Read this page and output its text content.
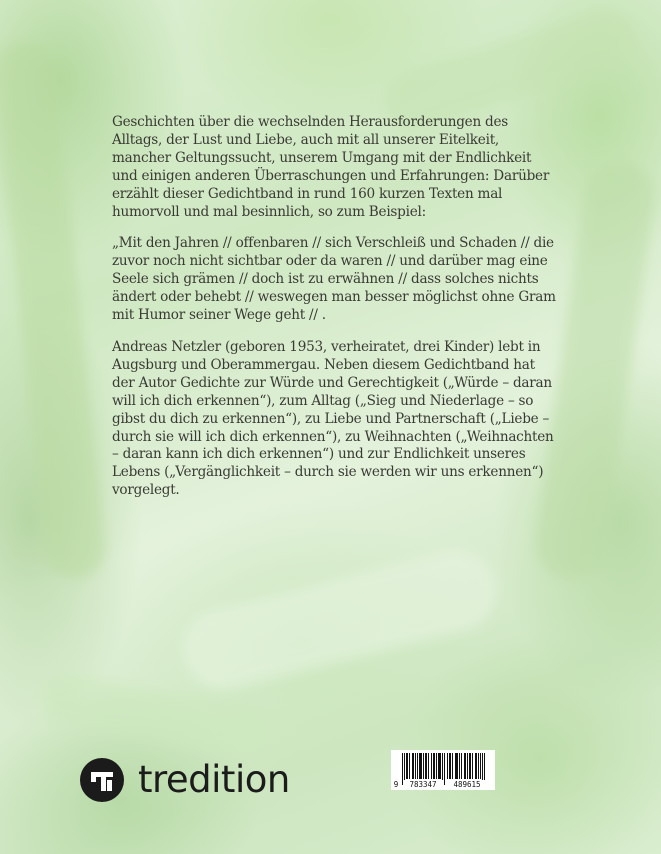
Geschichten über die wechselnden Herausforderungen des Alltags, der Lust und Liebe, auch mit all unserer Eitelkeit, mancher Geltungssucht, unserem Umgang mit der Endlichkeit und einigen anderen Überraschungen und Erfahrungen: Darüber erzählt dieser Gedichtband in rund 160 kurzen Texten mal humorvoll und mal besinnlich, so zum Beispiel:

„Mit den Jahren // offenbaren // sich Verschleiß und Schaden // die zuvor noch nicht sichtbar oder da waren // und darüber mag eine Seele sich grämen // doch ist zu erwähnen // dass solches nichts ändert oder behebt // weswegen man besser möglichst ohne Gram mit Humor seiner Wege geht // .

Andreas Netzler (geboren 1953, verheiratet, drei Kinder) lebt in Augsburg und Oberammergau. Neben diesem Gedichtband hat der Autor Gedichte zur Würde und Gerechtigkeit („Würde – daran will ich dich erkennen“), zum Alltag („Sieg und Niederlage – so gibst du dich zu erkennen“), zu Liebe und Partnerschaft („Liebe – durch sie will ich dich erkennen“), zu Weihnachten („Weihnachten – daran kann ich dich erkennen“) und zur Endlichkeit unseres Lebens („Vergänglichkeit – durch sie werden wir uns erkennen“) vorgelegt.

tredition	9	783347	489615
